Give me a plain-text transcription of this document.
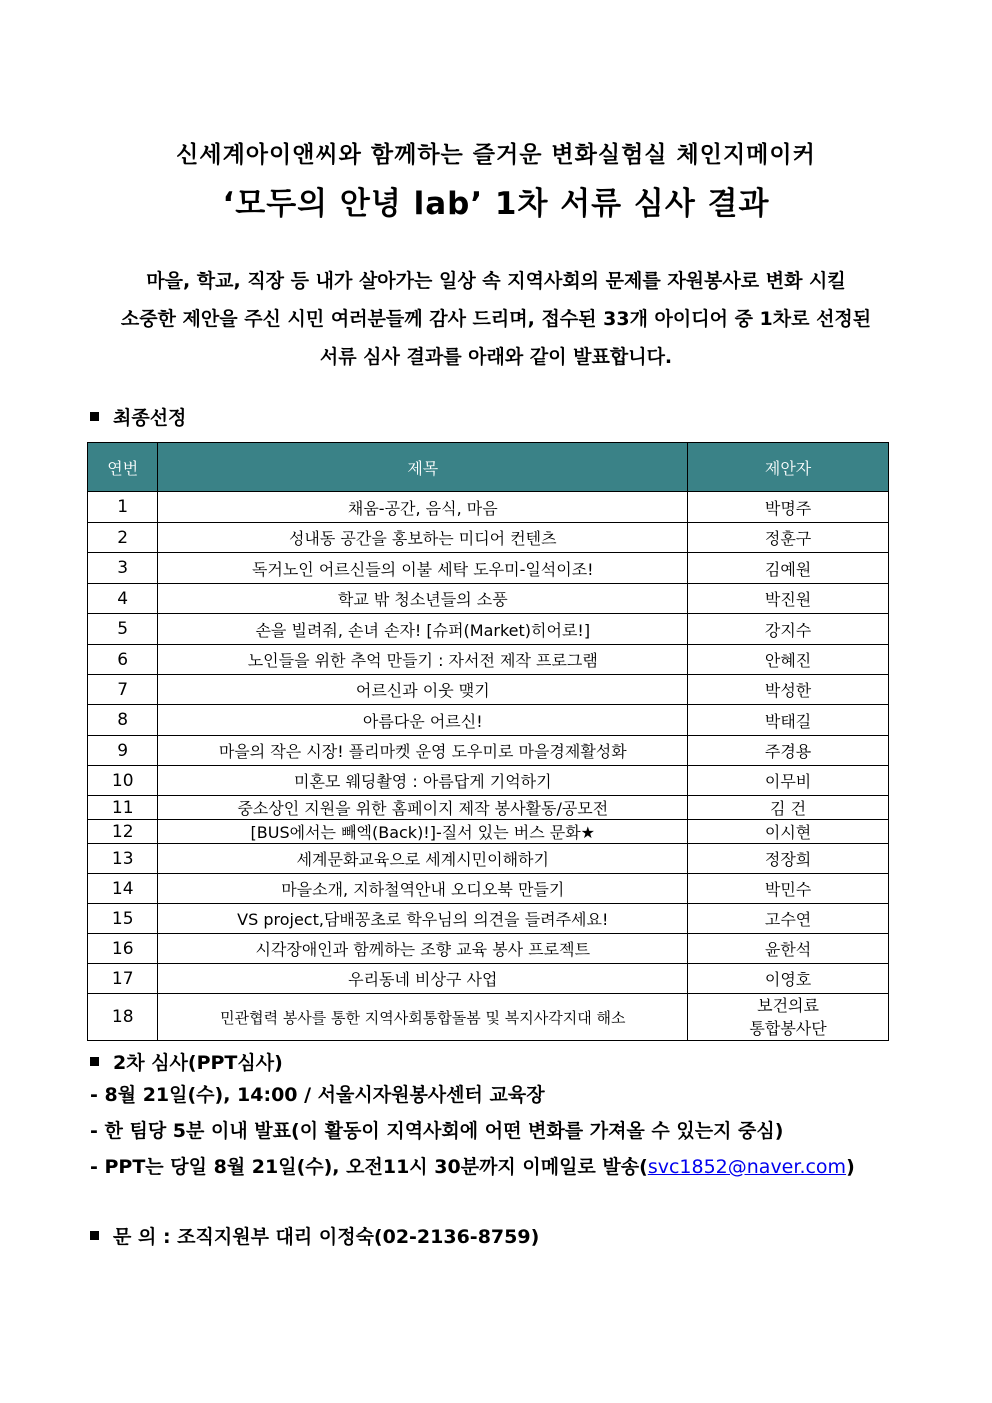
신세계아이앤씨와 함께하는 즐거운 변화실험실 체인지메이커
‘모두의 안녕 lab’ 1차 서류 심사 결과
마을, 학교, 직장 등 내가 살아가는 일상 속 지역사회의 문제를 자원봉사로 변화 시킬
소중한 제안을 주신 시민 여러분들께 감사 드리며, 접수된 33개 아이디어 중 1차로 선정된
서류 심사 결과를 아래와 같이 발표합니다.
최종선정
연번	제목	제안자
1	채움-공간, 음식, 마음	박명주
2	성내동 공간을 홍보하는 미디어 컨텐츠	정훈구
3	독거노인 어르신들의 이불 세탁 도우미-일석이조!	김예원
4	학교 밖 청소년들의 소풍	박진원
5	손을 빌려줘, 손녀 손자! [슈퍼(Market)히어로!]	강지수
6	노인들을 위한 추억 만들기 : 자서전 제작 프로그램	안혜진
7	어르신과 이웃 맺기	박성한
8	아름다운 어르신!	박태길
9	마을의 작은 시장! 플리마켓 운영 도우미로 마을경제활성화	주경용
10	미혼모 웨딩촬영 : 아름답게 기억하기	이무비
11	중소상인 지원을 위한 홈페이지 제작 봉사활동/공모전	김 건
12	[BUS에서는 빼엑(Back)!]-질서 있는 버스 문화★	이시현
13	세계문화교육으로 세계시민이해하기	정장희
14	마을소개, 지하철역안내 오디오북 만들기	박민수
15	VS project,담배꽁초로 학우님의 의견을 들려주세요!	고수연
16	시각장애인과 함께하는 조향 교육 봉사 프로젝트	윤한석
17	우리동네 비상구 사업	이영호
18	민관협력 봉사를 통한 지역사회통합돌봄 및 복지사각지대 해소	보건의료
통합봉사단
2차 심사(PPT심사)
- 8월 21일(수), 14:00 / 서울시자원봉사센터 교육장
- 한 팀당 5분 이내 발표(이 활동이 지역사회에 어떤 변화를 가져올 수 있는지 중심)
- PPT는 당일 8월 21일(수), 오전11시 30분까지 이메일로 발송(svc1852@naver.com)
문 의 : 조직지원부 대리 이정숙(02-2136-8759)
